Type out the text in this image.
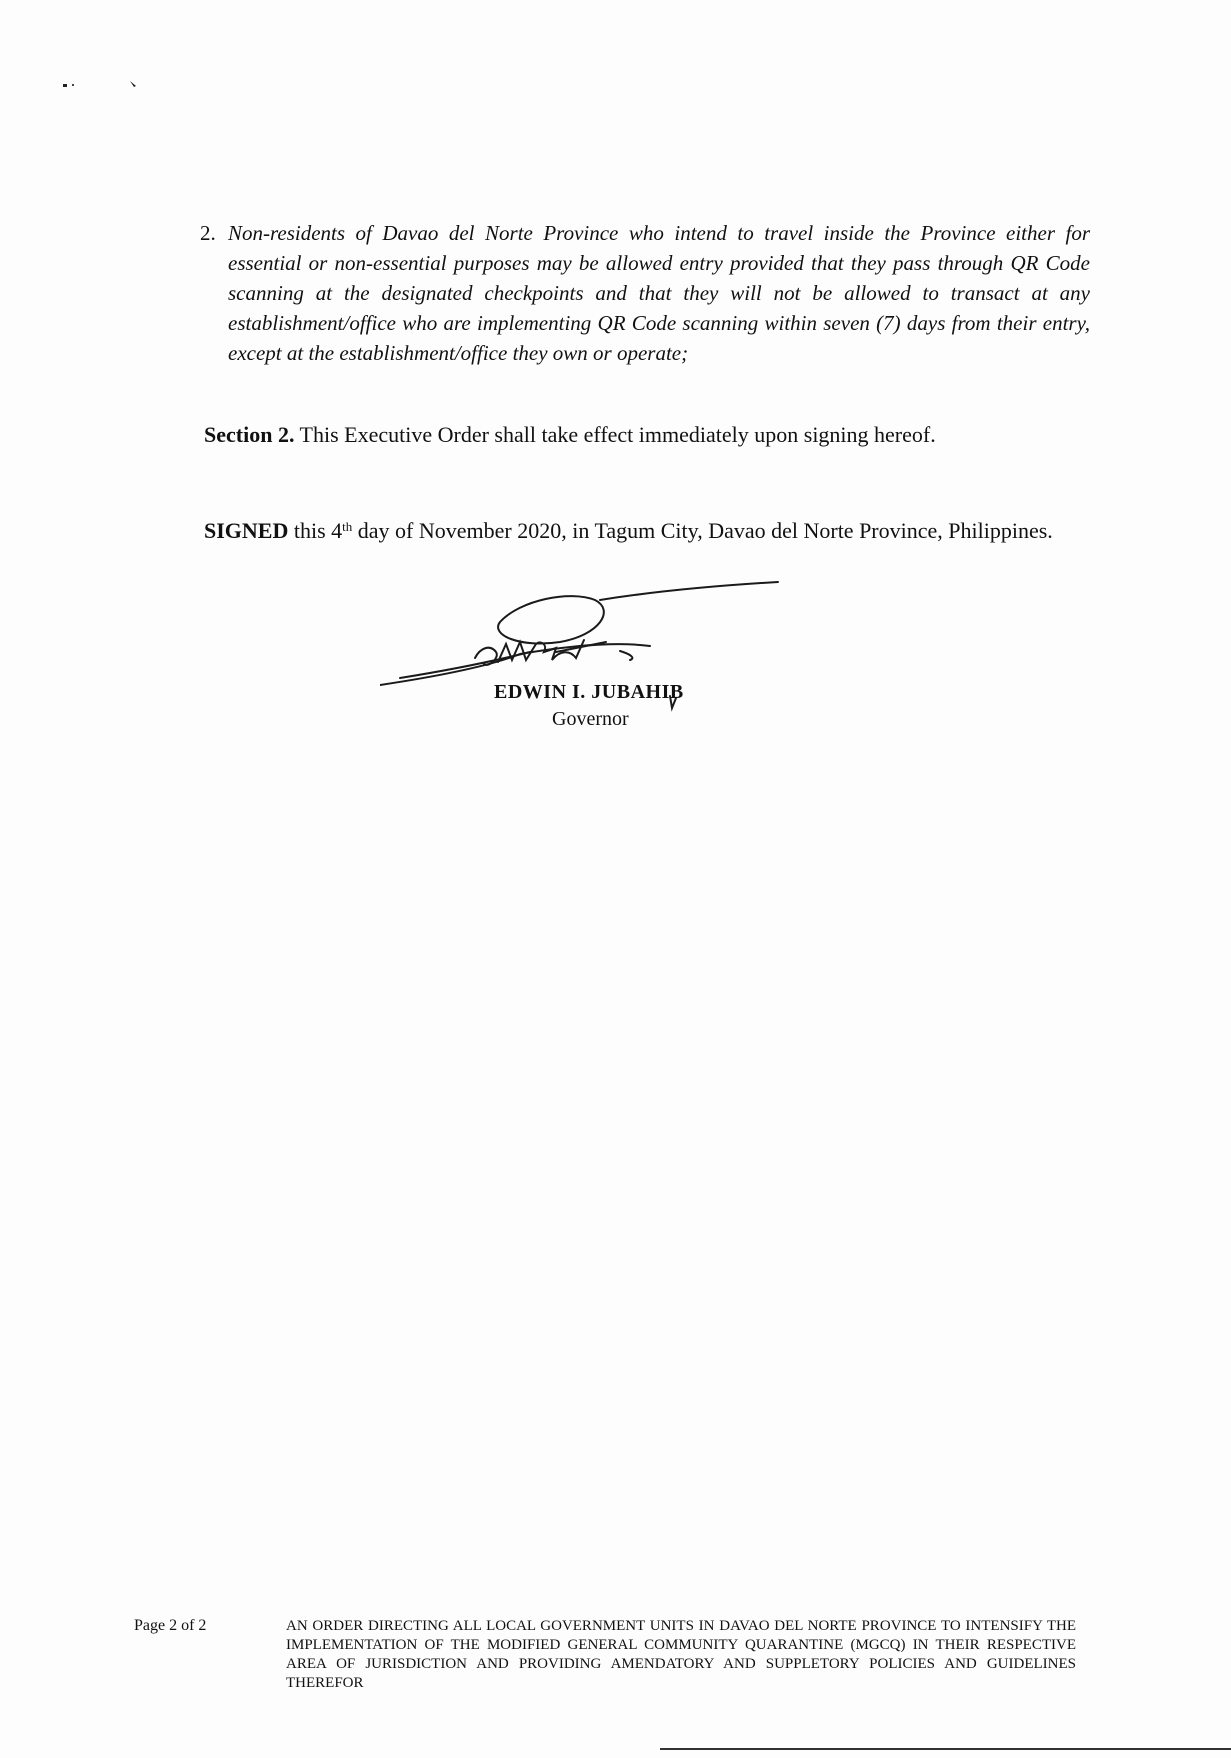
2. Non-residents of Davao del Norte Province who intend to travel inside the Province either for essential or non-essential purposes may be allowed entry provided that they pass through QR Code scanning at the designated checkpoints and that they will not be allowed to transact at any establishment/office who are implementing QR Code scanning within seven (7) days from their entry, except at the establishment/office they own or operate;
Section 2. This Executive Order shall take effect immediately upon signing hereof.
SIGNED this 4th day of November 2020, in Tagum City, Davao del Norte Province, Philippines.
EDWIN I. JUBAHIB
Governor
Page 2 of 2	AN ORDER DIRECTING ALL LOCAL GOVERNMENT UNITS IN DAVAO DEL NORTE PROVINCE TO INTENSIFY THE IMPLEMENTATION OF THE MODIFIED GENERAL COMMUNITY QUARANTINE (MGCQ) IN THEIR RESPECTIVE AREA OF JURISDICTION AND PROVIDING AMENDATORY AND SUPPLETORY POLICIES AND GUIDELINES THEREFOR
